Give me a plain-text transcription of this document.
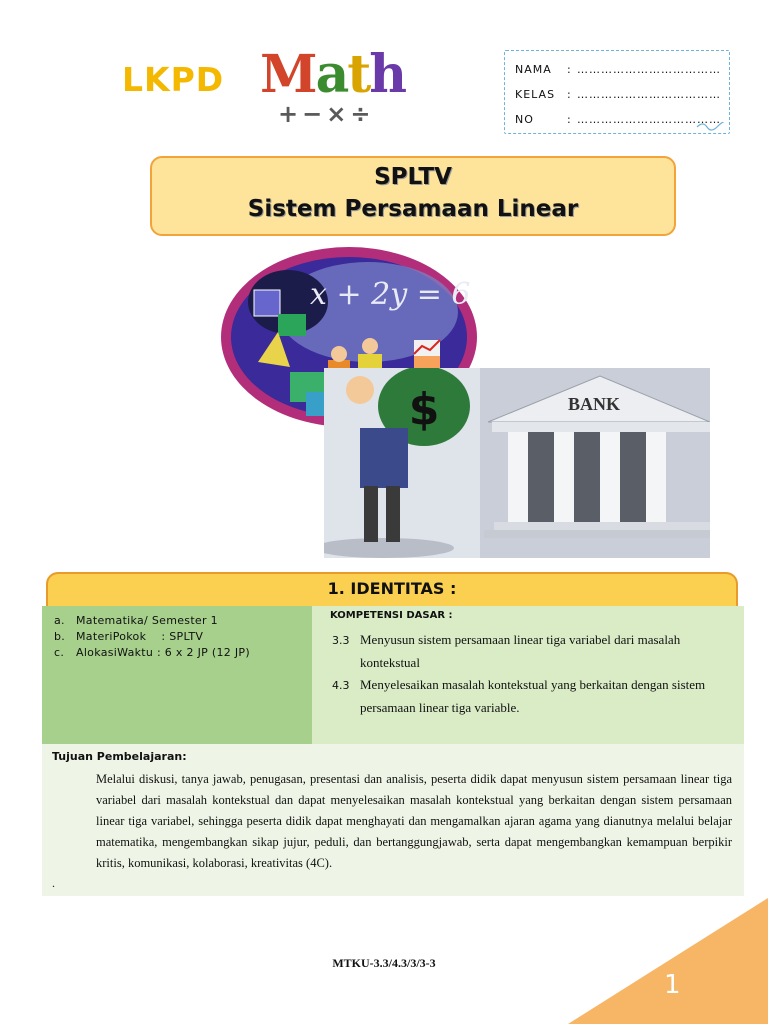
LKPD Math
+−×÷
NAMA	: ………………………………
KELAS	: ………………………………
NO	: ………………………………
SPLTV
Sistem Persamaan Linear
x + 2y = 6
BANK
$
1. IDENTITAS :
a.	Matematika/ Semester 1
b. MateriPokok    : SPLTV
c.	AlokasiWaktu : 6 x 2 JP (12 JP)
KOMPETENSI DASAR :
3.3 Menyusun sistem persamaan linear tiga variabel dari masalah
kontekstual
4.3 Menyelesaikan masalah kontekstual yang berkaitan dengan sistem
persamaan linear tiga variable.
Tujuan Pembelajaran:
Melalui diskusi, tanya jawab, penugasan, presentasi dan analisis, peserta didik dapat menyusun sistem persamaan linear tiga variabel dari masalah kontekstual dan dapat menyelesaikan masalah kontekstual yang berkaitan dengan sistem persamaan linear tiga variabel, sehingga peserta didik dapat menghayati dan mengamalkan ajaran agama yang dianutnya melalui belajar matematika, mengembangkan sikap jujur, peduli, dan bertanggungjawab, serta dapat mengembangkan kemampuan berpikir kritis, komunikasi, kolaborasi, kreativitas (4C).
.
MTKU-3.3/4.3/3/3-3
1
